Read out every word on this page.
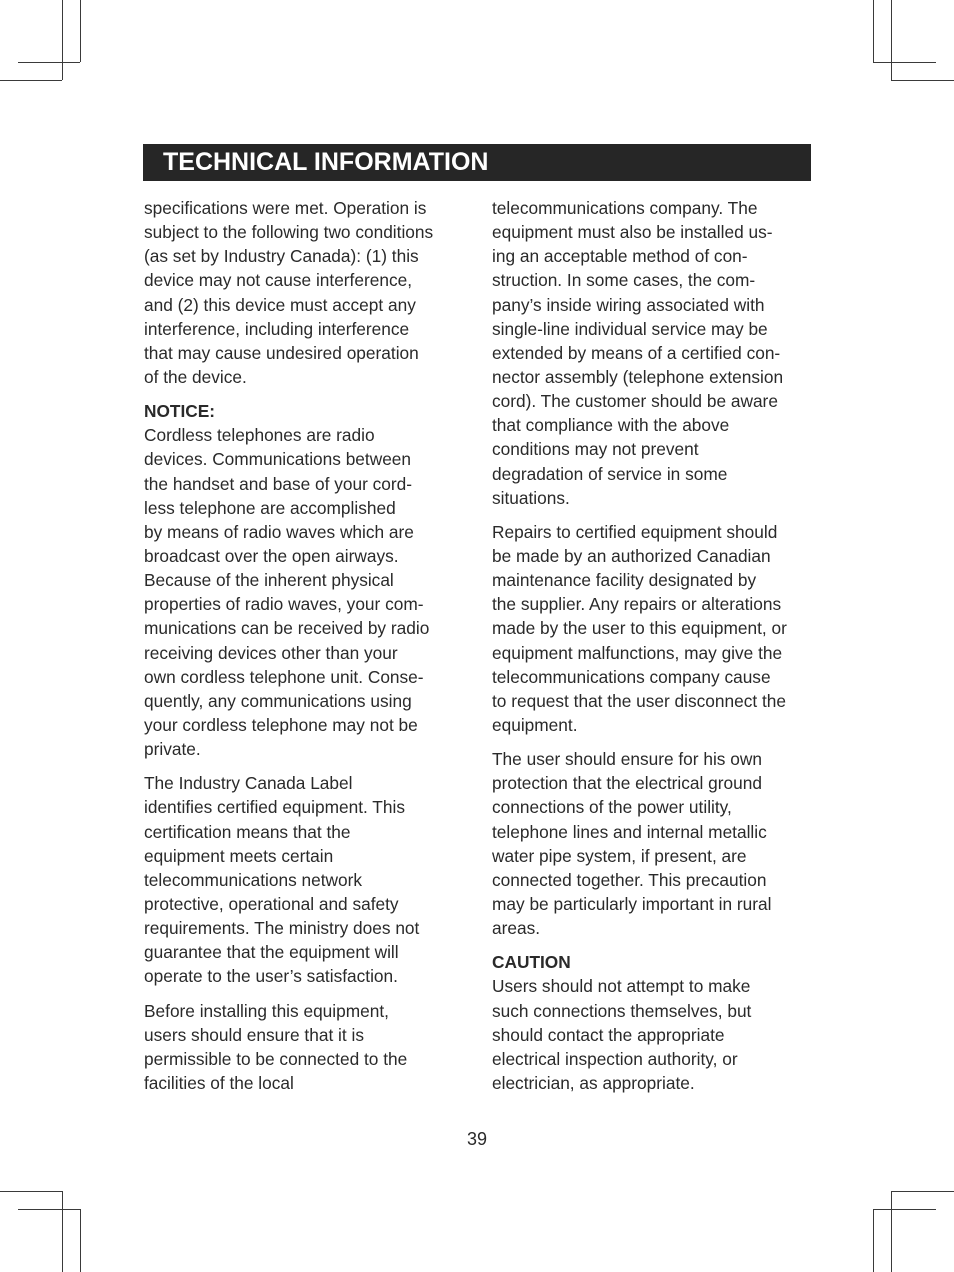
TECHNICAL INFORMATION
specifications were met. Operation is
subject to the following two conditions
(as set by Industry Canada): (1) this
device may not cause interference,
and (2) this device must accept any
interference, including interference
that may cause undesired operation
of the device.
NOTICE:
Cordless telephones are radio
devices. Communications between
the handset and base of your cord-
less telephone are accomplished
by means of radio waves which are
broadcast over the open airways.
Because of the inherent physical
properties of radio waves, your com-
munications can be received by radio
receiving devices other than your
own cordless telephone unit. Conse-
quently, any communications using
your cordless telephone may not be
private.
The Industry Canada Label
identifies certified equipment. This
certification means that the
equipment meets certain
telecommunications network
protective, operational and safety
requirements. The ministry does not
guarantee that the equipment will
operate to the user’s satisfaction.
Before installing this equipment,
users should ensure that it is
permissible to be connected to the
facilities of the local
telecommunications company. The
equipment must also be installed us-
ing an acceptable method of con-
struction. In some cases, the com-
pany’s inside wiring associated with
single-line individual service may be
extended by means of a certified con-
nector assembly (telephone extension
cord). The customer should be aware
that compliance with the above
conditions may not prevent
degradation of service in some
situations.
Repairs to certified equipment should
be made by an authorized Canadian
maintenance facility designated by
the supplier. Any repairs or alterations
made by the user to this equipment, or
equipment malfunctions, may give the
telecommunications company cause
to request that the user disconnect the
equipment.
The user should ensure for his own
protection that the electrical ground
connections of the power utility,
telephone lines and internal metallic
water pipe system, if present, are
connected together. This precaution
may be particularly important in rural
areas.
CAUTION
Users should not attempt to make
such connections themselves, but
should contact the appropriate
electrical inspection authority, or
electrician, as appropriate.
39
